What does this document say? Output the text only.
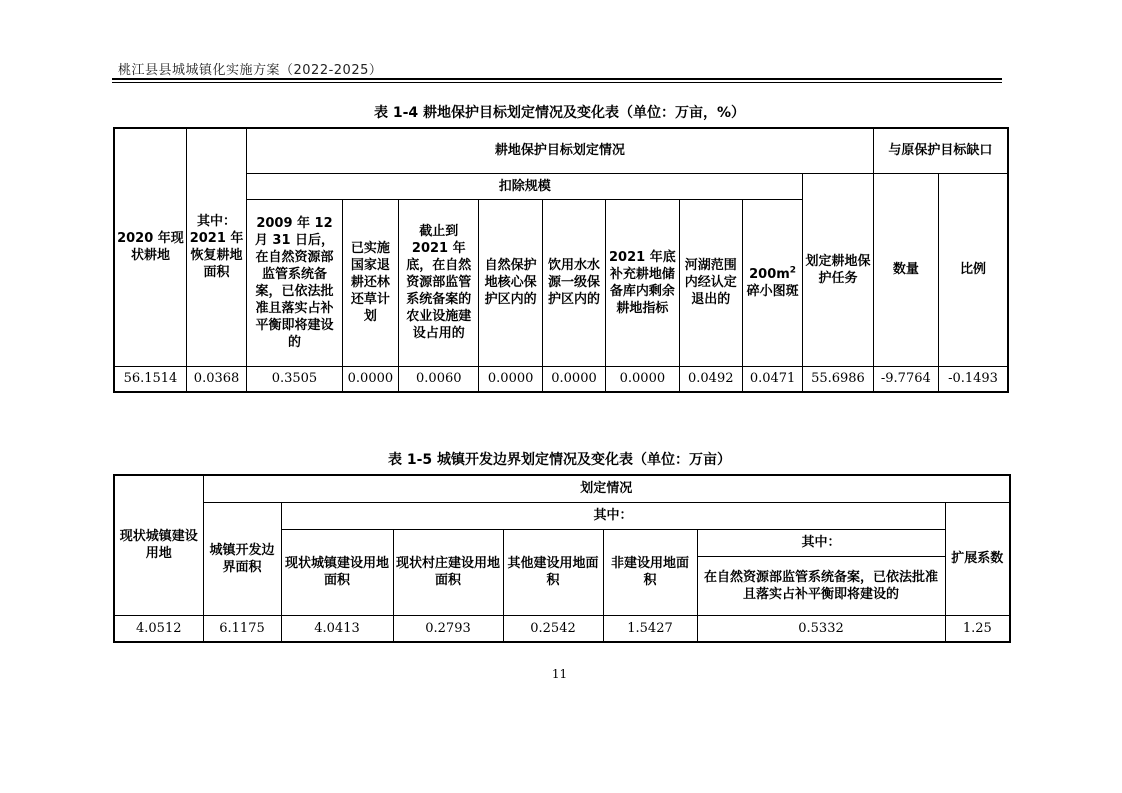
桃江县县城城镇化实施方案（2022-2025）
表 1-4 耕地保护目标划定情况及变化表（单位：万亩，%）
2020 年现状耕地	其中：2021 年恢复耕地面积	耕地保护目标划定情况									与原保护目标缺口	
		扣除规模								划定耕地保护任务	数量	比例
		2009 年 12 月 31 日后，在自然资源部监管系统备案，已依法批准且落实占补平衡即将建设的	已实施国家退耕还林还草计划	截止到 2021 年底，在自然资源部监管系统备案的农业设施建设占用的	自然保护地核心保护区内的	饮用水水源一级保护区内的	2021 年底补充耕地储备库内剩余耕地指标	河湖范围内经认定退出的	$200m^2$
碎小图斑			
56.1514	0.0368	0.3505	0.0000	0.0060	0.0000	0.0000	0.0000	0.0492	0.0471	55.6986	-9.7764	-0.1493
表 1-5 城镇开发边界划定情况及变化表（单位：万亩）
现状城镇建设用地	划定情况						
	城镇开发边界面积	其中：					扩展系数
		现状城镇建设用地面积	现状村庄建设用地面积	其他建设用地面积	非建设用地面积	其中：	
						在自然资源部监管系统备案，已依法批准且落实占补平衡即将建设的	
4.0512	6.1175	4.0413	0.2793	0.2542	1.5427	0.5332	1.25
11
